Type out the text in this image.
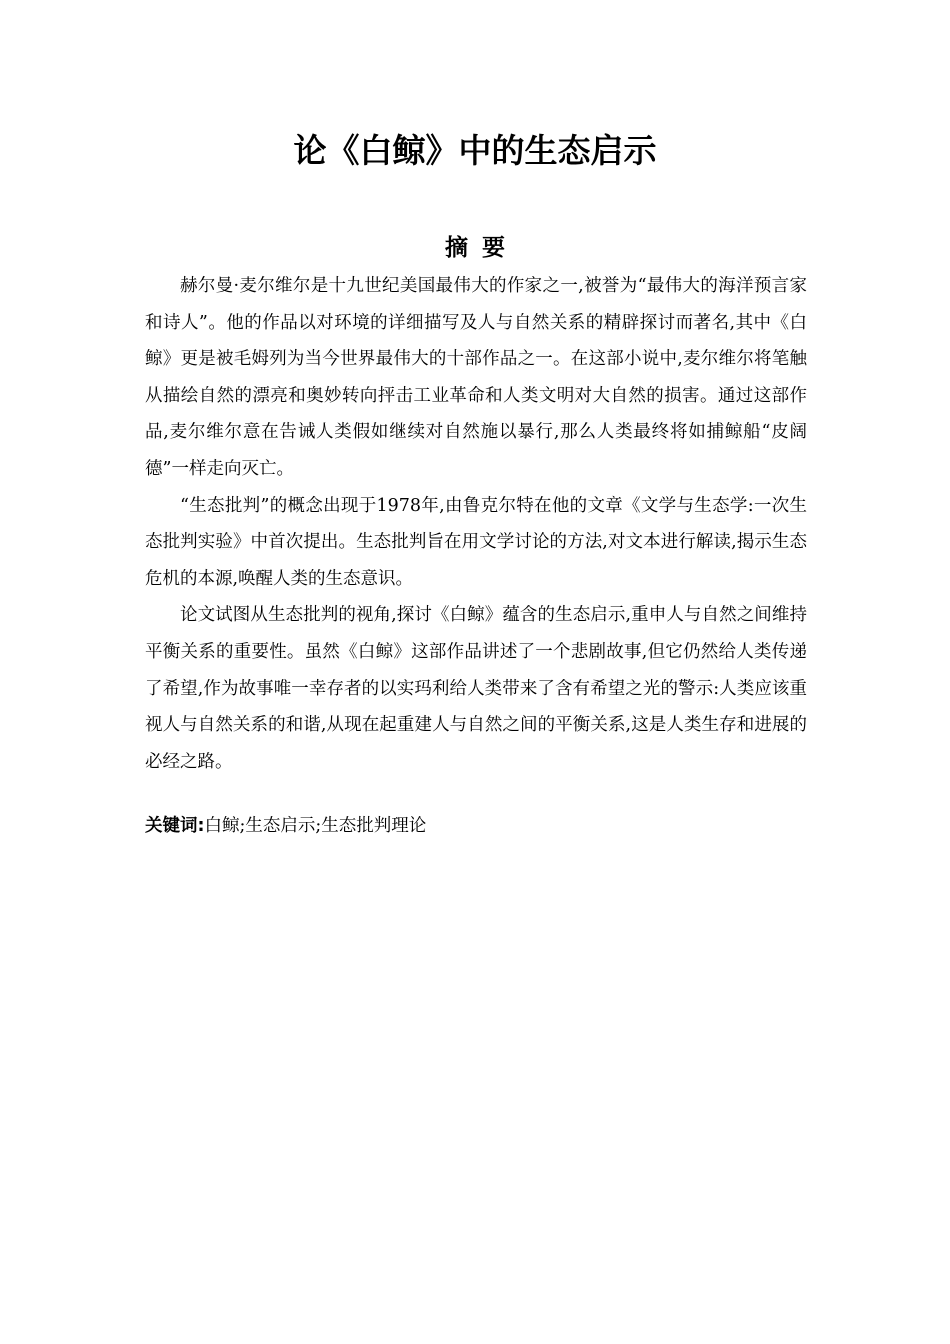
论《白鲸》中的生态启示
摘 要

赫尔曼·麦尔维尔是十九世纪美国最伟大的作家之一,被誉为“最伟大的海洋预言家和诗人”。他的作品以对环境的详细描写及人与自然关系的精辟探讨而著名,其中《白鲸》更是被毛姆列为当今世界最伟大的十部作品之一。在这部小说中,麦尔维尔将笔触从描绘自然的漂亮和奥妙转向抨击工业革命和人类文明对大自然的损害。通过这部作品,麦尔维尔意在告诫人类假如继续对自然施以暴行,那么人类最终将如捕鲸船“皮阔德”一样走向灭亡。

“生态批判”的概念出现于1978年,由鲁克尔特在他的文章《文学与生态学:一次生态批判实验》中首次提出。生态批判旨在用文学讨论的方法,对文本进行解读,揭示生态危机的本源,唤醒人类的生态意识。

论文试图从生态批判的视角,探讨《白鲸》蕴含的生态启示,重申人与自然之间维持平衡关系的重要性。虽然《白鲸》这部作品讲述了一个悲剧故事,但它仍然给人类传递了希望,作为故事唯一幸存者的以实玛利给人类带来了含有希望之光的警示:人类应该重视人与自然关系的和谐,从现在起重建人与自然之间的平衡关系,这是人类生存和进展的必经之路。

关键词:白鲸;生态启示;生态批判理论
